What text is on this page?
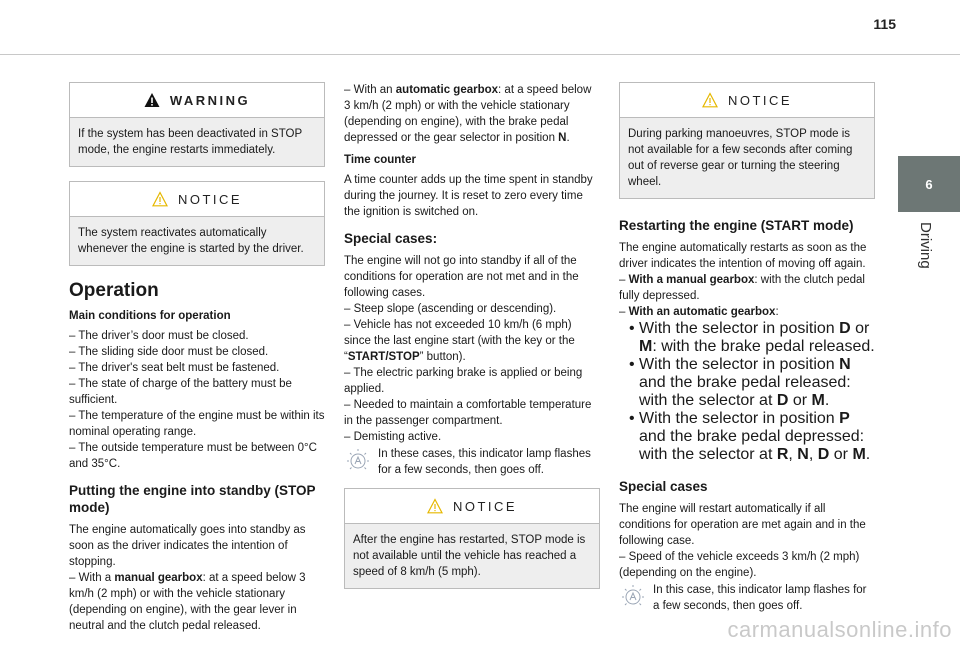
115
6
Driving
WARNING
If the system has been deactivated in STOP mode, the engine restarts immediately.
NOTICE
The system reactivates automatically whenever the engine is started by the driver.
Operation
Main conditions for operation
– The driver’s door must be closed.
– The sliding side door must be closed.
– The driver's seat belt must be fastened.
– The state of charge of the battery must be sufficient.
– The temperature of the engine must be within its nominal operating range.
– The outside temperature must be between 0°C and 35°C.
Putting the engine into standby (STOP mode)

The engine automatically goes into standby as soon as the driver indicates the intention of stopping.

– With a manual gearbox: at a speed below 3 km/h (2 mph) or with the vehicle stationary (depending on engine), with the gear lever in neutral and the clutch pedal released.

– With an automatic gearbox: at a speed below 3 km/h (2 mph) or with the vehicle stationary (depending on engine), with the brake pedal depressed or the gear selector in position N.

Time counter

A time counter adds up the time spent in standby during the journey. It is reset to zero every time the ignition is switched on.

Special cases:

The engine will not go into standby if all of the conditions for operation are not met and in the following cases.

– Steep slope (ascending or descending).
– Vehicle has not exceeded 10 km/h (6 mph) since the last engine start (with the key or the
“START/STOP” button).
– The electric parking brake is applied or being applied.
– Needed to maintain a comfortable temperature in the passenger compartment.
– Demisting active.

In these cases, this indicator lamp flashes for a few seconds, then goes off.

NOTICE
After the engine has restarted, STOP mode is not available until the vehicle has reached a speed of 8 km/h (5 mph).
NOTICE
During parking manoeuvres, STOP mode is not available for a few seconds after coming out of reverse gear or turning the steering wheel.
Restarting the engine (START mode)

The engine automatically restarts as soon as the driver indicates the intention of moving off again.

– With a manual gearbox: with the clutch pedal fully depressed.

– With an automatic gearbox:

• With the selector in position D or M: with the brake pedal released.
• With the selector in position N and the brake pedal released: with the selector at D or M.
• With the selector in position P and the brake pedal depressed: with the selector at R, N, D or M.
Special cases

The engine will restart automatically if all conditions for operation are met again and in the following case.

– Speed of the vehicle exceeds 3 km/h (2 mph) (depending on the engine).

In this case, this indicator lamp flashes for a few seconds, then goes off.

carmanualsonline.info
